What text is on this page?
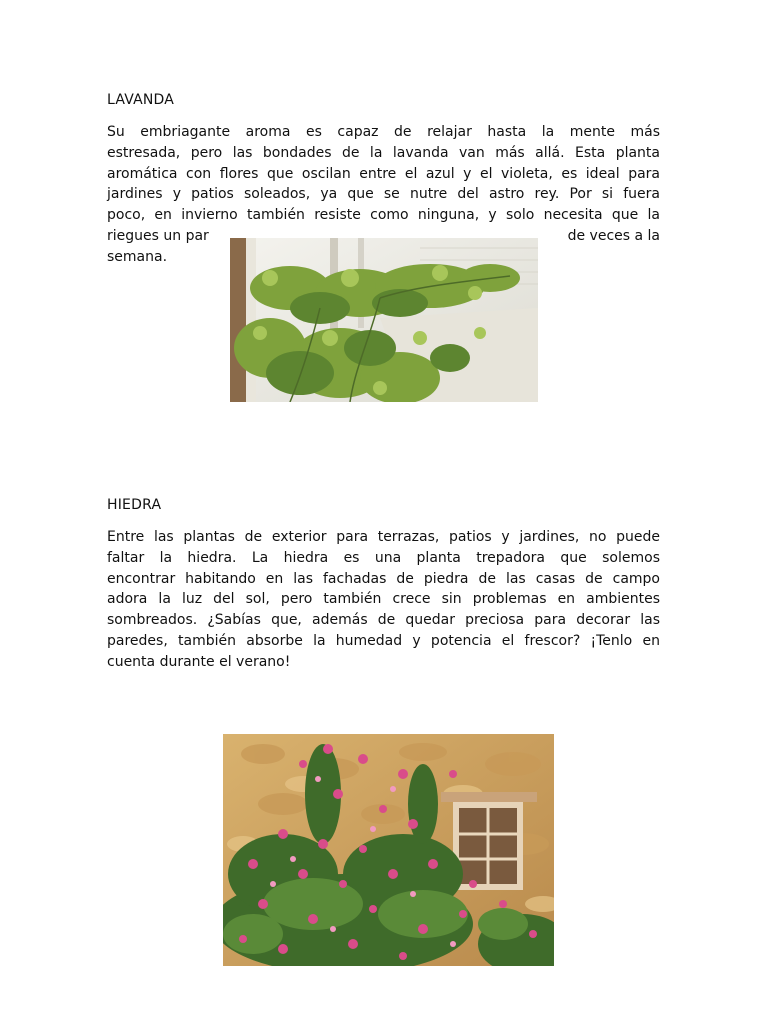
LAVANDA
Su embriagante aroma es capaz de relajar hasta la mente más
estresada, pero las bondades de la lavanda van más allá. Esta planta
aromática con flores que oscilan entre el azul y el violeta, es ideal para
jardines y patios soleados, ya que se nutre del astro rey. Por si fuera
poco, en invierno también resiste como ninguna, y solo necesita que la
riegues un par	de veces a la
semana.
HIEDRA
Entre las plantas de exterior para terrazas, patios y jardines, no puede
faltar la hiedra. La hiedra es una planta trepadora que solemos
encontrar habitando en las fachadas de piedra de las casas de campo
adora la luz del sol, pero también crece sin problemas en ambientes
sombreados. ¿Sabías que, además de quedar preciosa para decorar las
paredes, también absorbe la humedad y potencia el frescor? ¡Tenlo en
cuenta durante el verano!
